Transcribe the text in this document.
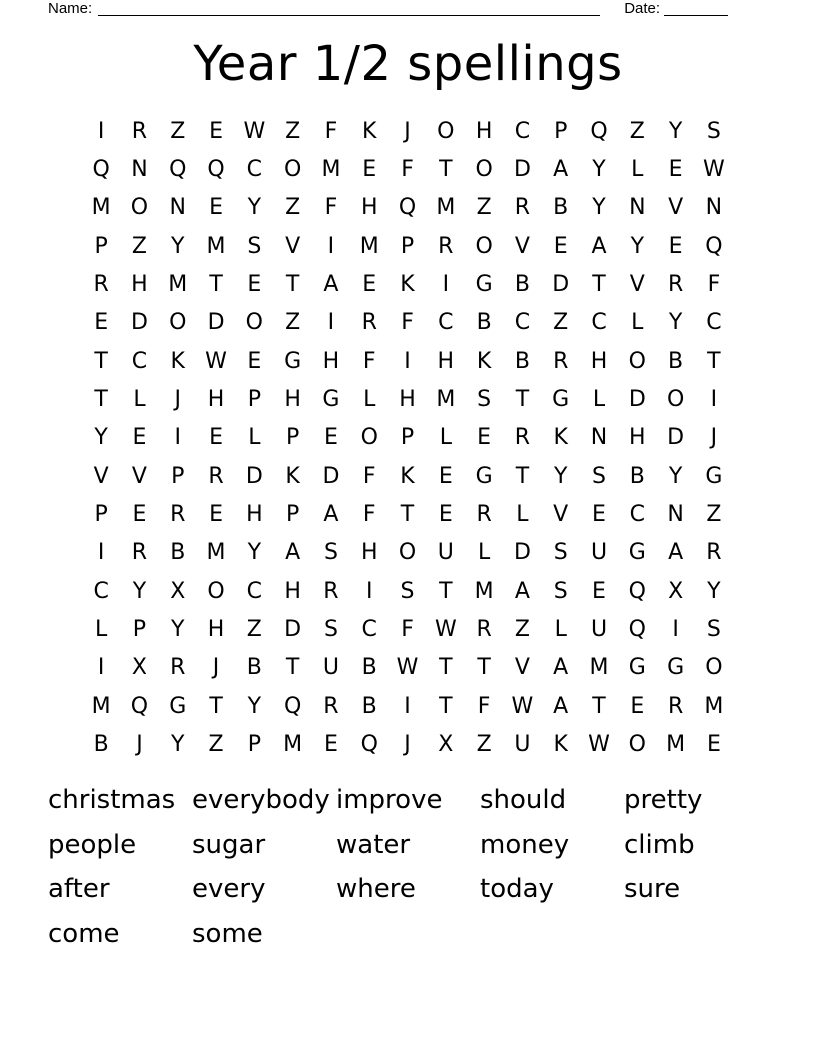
Name:	Date:
Year 1/2 spellings
I	R	Z	E W Z	F	K	J	O H	C	P	Q	Z	Y	S
Q N Q Q C O M E	F	T	O D	A	Y	L	E W
M O N	E	Y	Z	F	H Q M Z	R	B	Y	N	V	N
P	Z	Y	M S	V	I	M	P	R O	V	E	A	Y	E	Q
R	H M	T	E	T	A	E	K	I	G	B	D	T	V	R	F
E	D O D O	Z	I	R	F	C	B	C	Z	C	L	Y	C
T	C	K W E	G H	F	I	H	K	B	R	H O	B	T
T	L	J	H	P	H G	L	H M S	T	G	L	D O	I
Y	E	I	E	L	P	E	O	P	L	E	R	K	N H D	J
V	V	P	R	D	K	D	F	K	E	G	T	Y	S	B	Y	G
P	E	R	E	H	P	A	F	T	E	R	L	V	E	C	N	Z
I	R	B M	Y	A	S	H O U	L	D	S	U G	A	R
C	Y	X	O C	H	R	I	S	T	M A	S	E	Q	X	Y
L	P	Y	H	Z	D	S	C	F W R	Z	L	U Q	I	S
I	X	R	J	B	T	U	B W T	T	V	A M G G O
M Q G	T	Y	Q R	B	I	T	F W A	T	E	R M
B	J	Y	Z	P	M E	Q	J	X	Z	U	K W O M E
christmas everybody improve	should	pretty
people	sugar	water	money	climb
after	every	where	today	sure
come	some
